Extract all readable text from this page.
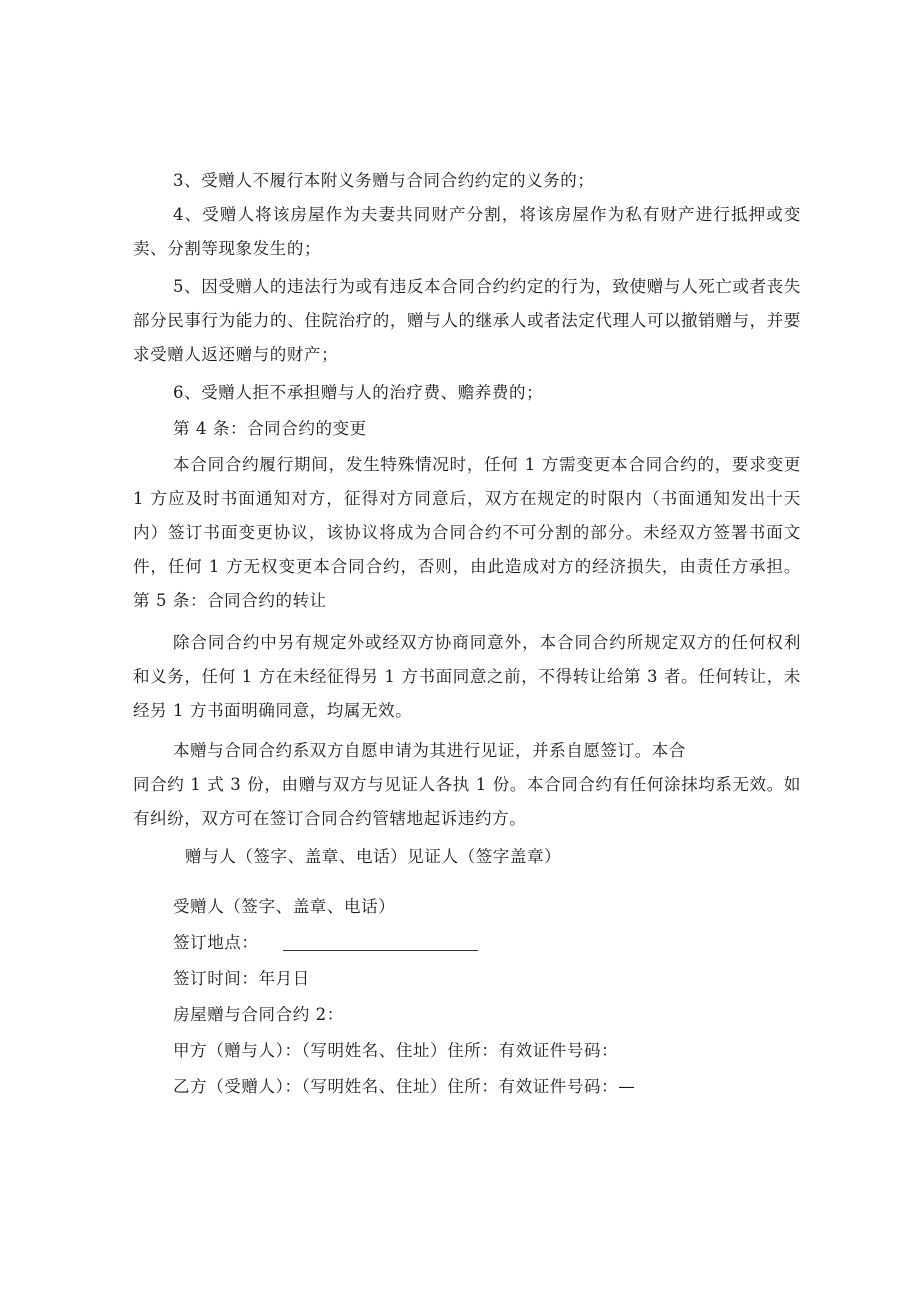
3、受赠人不履行本附义务赠与合同合约约定的义务的；

4、受赠人将该房屋作为夫妻共同财产分割，将该房屋作为私有财产进行抵押或变卖、分割等现象发生的；

5、因受赠人的违法行为或有违反本合同合约约定的行为，致使赠与人死亡或者丧失部分民事行为能力的、住院治疗的，赠与人的继承人或者法定代理人可以撤销赠与，并要求受赠人返还赠与的财产；

6、受赠人拒不承担赠与人的治疗费、赡养费的；

第 4 条：合同合约的变更

本合同合约履行期间，发生特殊情况时，任何 1 方需变更本合同合约的，要求变更 1 方应及时书面通知对方，征得对方同意后，双方在规定的时限内（书面通知发出十天内）签订书面变更协议，该协议将成为合同合约不可分割的部分。未经双方签署书面文件，任何 1 方无权变更本合同合约，否则，由此造成对方的经济损失，由责任方承担。第 5 条：合同合约的转让

除合同合约中另有规定外或经双方协商同意外，本合同合约所规定双方的任何权利和义务，任何 1 方在未经征得另 1 方书面同意之前，不得转让给第 3 者。任何转让，未经另 1 方书面明确同意，均属无效。

本赠与合同合约系双方自愿申请为其进行见证，并系自愿签订。本合

同合约 1 式 3 份，由赠与双方与见证人各执 1 份。本合同合约有任何涂抹均系无效。如有纠纷，双方可在签订合同合约管辖地起诉违约方。

赠与人（签字、盖章、电话）见证人（签字盖章）

受赠人（签字、盖章、电话）

签订地点：

签订时间：年月日

房屋赠与合同合约 2：

甲方（赠与人）：（写明姓名、住址）住所：有效证件号码：

乙方（受赠人）：（写明姓名、住址）住所：有效证件号码：—
